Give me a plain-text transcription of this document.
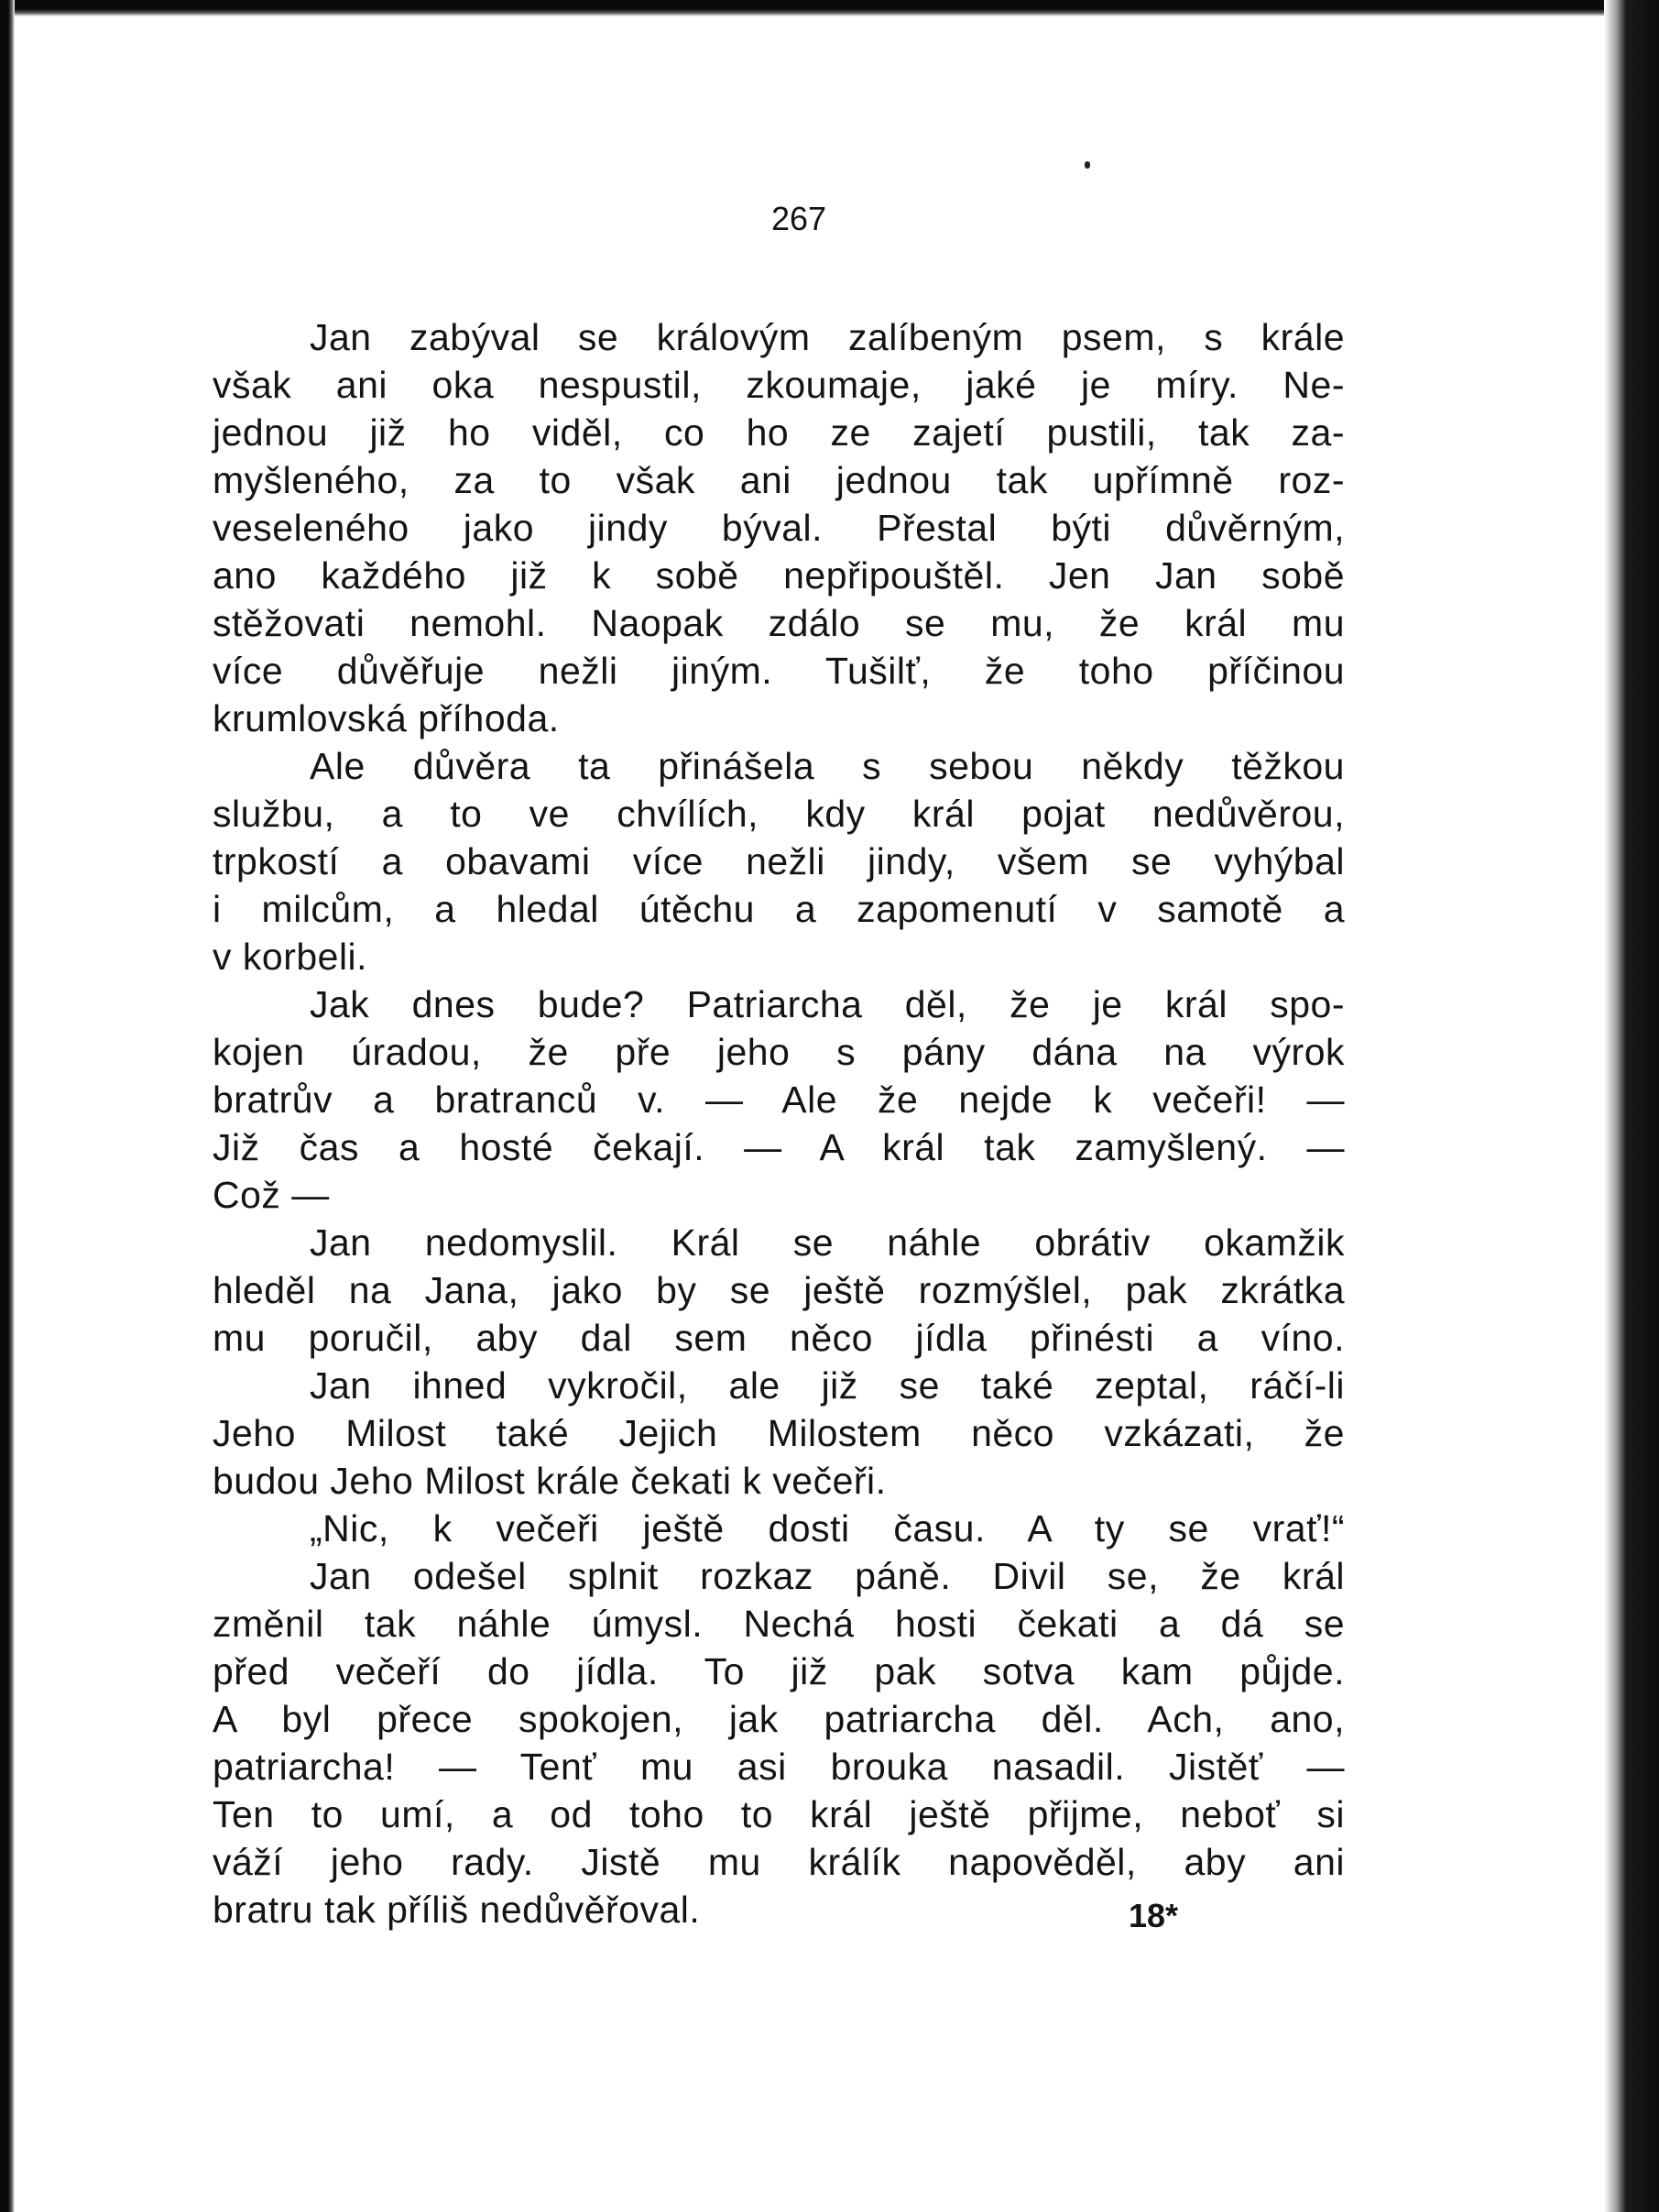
267
Jan zabýval se královým zalíbeným psem, s krále
však ani oka nespustil, zkoumaje, jaké je míry. Ne-
jednou již ho viděl, co ho ze zajetí pustili, tak za-
myšleného, za to však ani jednou tak upřímně roz-
veseleného jako jindy býval. Přestal býti důvěrným,
ano každého již k sobě nepřipouštěl. Jen Jan sobě
stěžovati nemohl. Naopak zdálo se mu, že král mu
více důvěřuje nežli jiným. Tušilť, že toho příčinou
krumlovská příhoda.
Ale důvěra ta přinášela s sebou někdy těžkou
službu, a to ve chvílích, kdy král pojat nedůvěrou,
trpkostí a obavami více nežli jindy, všem se vyhýbal
i milcům, a hledal útěchu a zapomenutí v samotě a
v korbeli.
Jak dnes bude? Patriarcha děl, že je král spo-
kojen úradou, že pře jeho s pány dána na výrok
bratrův a bratranců v. — Ale že nejde k večeři! —
Již čas a hosté čekají. — A král tak zamyšlený. —
Což —
Jan nedomyslil. Král se náhle obrátiv okamžik
hleděl na Jana, jako by se ještě rozmýšlel, pak zkrátka
mu poručil, aby dal sem něco jídla přinésti a víno.
Jan ihned vykročil, ale již se také zeptal, ráčí-li
Jeho Milost také Jejich Milostem něco vzkázati, že
budou Jeho Milost krále čekati k večeři.
„Nic, k večeři ještě dosti času. A ty se vrať!“
Jan odešel splnit rozkaz páně. Divil se, že král
změnil tak náhle úmysl. Nechá hosti čekati a dá se
před večeří do jídla. To již pak sotva kam půjde.
A byl přece spokojen, jak patriarcha děl. Ach, ano,
patriarcha! — Tenť mu asi brouka nasadil. Jistěť —
Ten to umí, a od toho to král ještě přijme, neboť si
váží jeho rady. Jistě mu králík napověděl, aby ani
bratru tak příliš nedůvěřoval.	18*
